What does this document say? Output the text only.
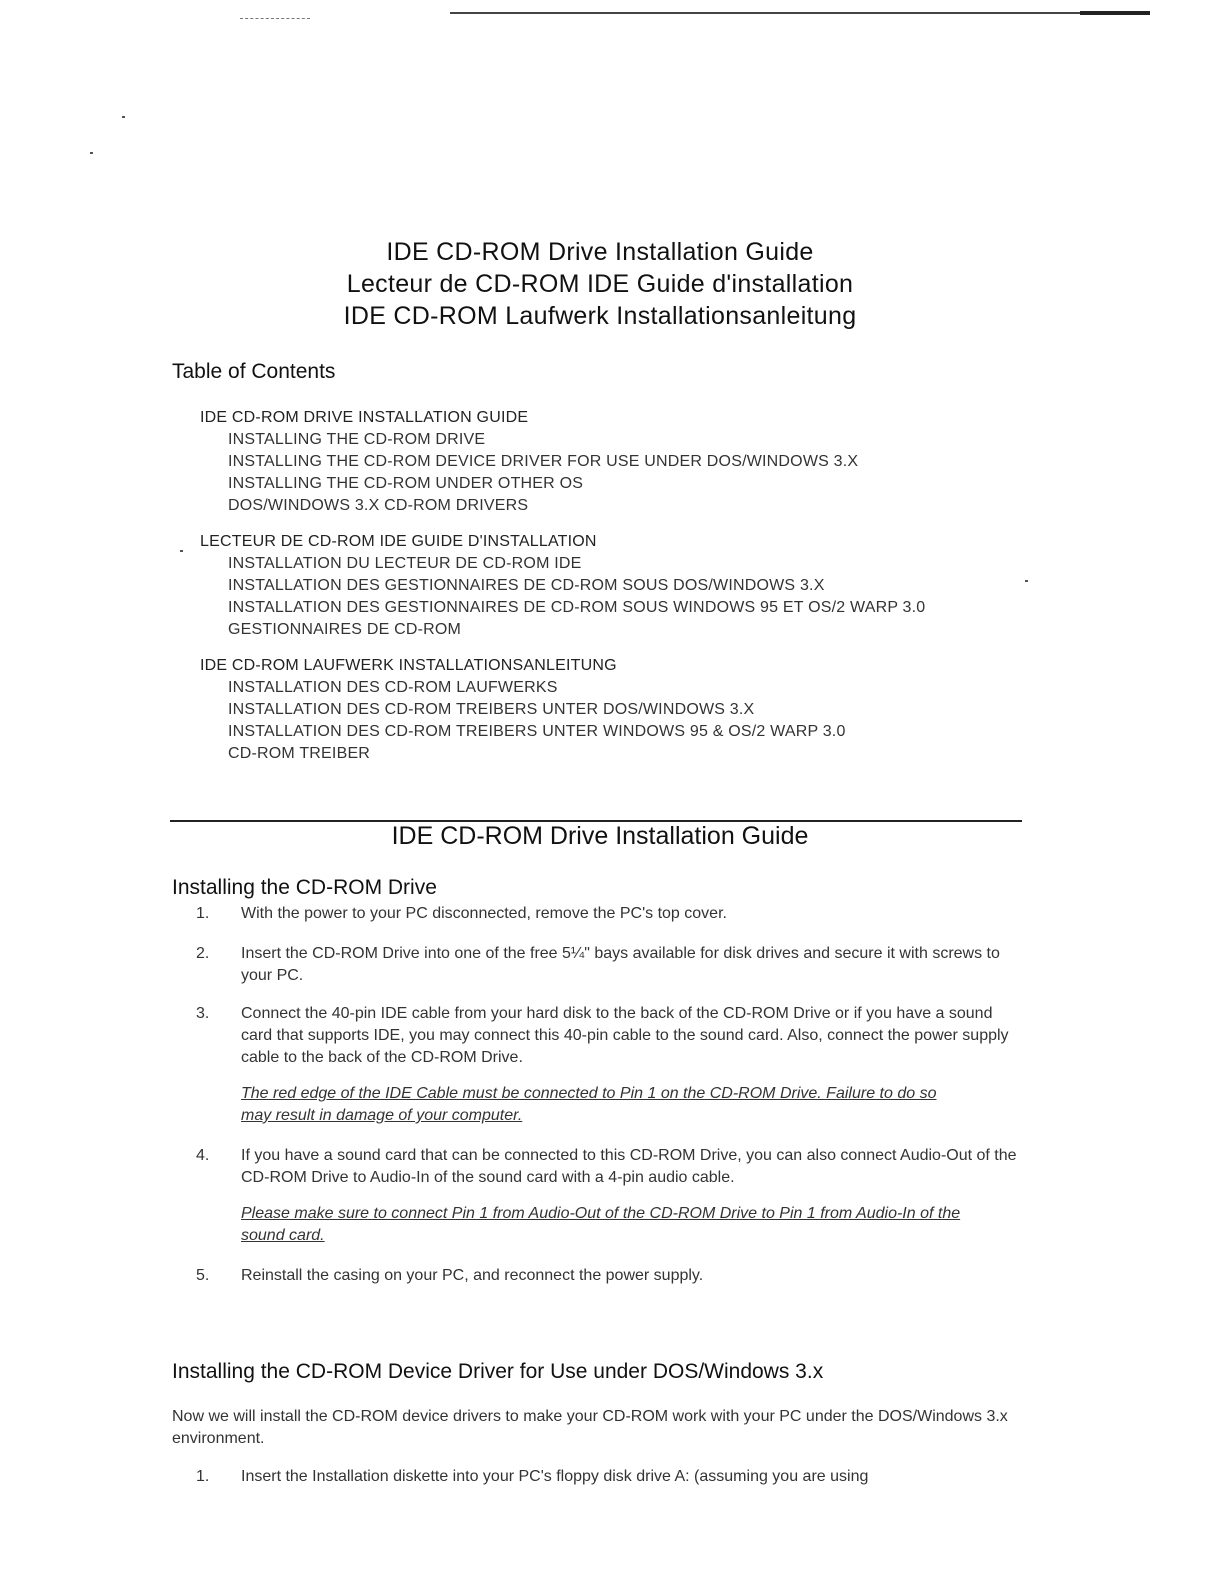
IDE CD-ROM Drive Installation Guide
Lecteur de CD-ROM IDE Guide d'installation
IDE CD-ROM Laufwerk Installationsanleitung
Table of Contents
IDE CD-ROM DRIVE INSTALLATION GUIDE
INSTALLING THE CD-ROM DRIVE
INSTALLING THE CD-ROM DEVICE DRIVER FOR USE UNDER DOS/WINDOWS 3.X
INSTALLING THE CD-ROM UNDER OTHER OS
DOS/WINDOWS 3.X CD-ROM DRIVERS
LECTEUR DE CD-ROM IDE GUIDE D'INSTALLATION
INSTALLATION DU LECTEUR DE CD-ROM IDE
INSTALLATION DES GESTIONNAIRES DE CD-ROM SOUS DOS/WINDOWS 3.X
INSTALLATION DES GESTIONNAIRES DE CD-ROM SOUS WINDOWS 95 ET OS/2 WARP 3.0
GESTIONNAIRES DE CD-ROM
IDE CD-ROM LAUFWERK INSTALLATIONSANLEITUNG
INSTALLATION DES CD-ROM LAUFWERKS
INSTALLATION DES CD-ROM TREIBERS UNTER DOS/WINDOWS 3.X
INSTALLATION DES CD-ROM TREIBERS UNTER WINDOWS 95 & OS/2 WARP 3.0
CD-ROM TREIBER
IDE CD-ROM Drive Installation Guide
Installing the CD-ROM Drive
1.	With the power to your PC disconnected, remove the PC's top cover.
2.	Insert the CD-ROM Drive into one of the free 5¼" bays available for disk drives and secure it with screws to your PC.
3.	Connect the 40-pin IDE cable from your hard disk to the back of the CD-ROM Drive or if you have a sound card that supports IDE, you may connect this 40-pin cable to the sound card. Also, connect the power supply cable to the back of the CD-ROM Drive.
The red edge of the IDE Cable must be connected to Pin 1 on the CD-ROM Drive. Failure to do so may result in damage of your computer.
4.	If you have a sound card that can be connected to this CD-ROM Drive, you can also connect Audio-Out of the CD-ROM Drive to Audio-In of the sound card with a 4-pin audio cable.
Please make sure to connect Pin 1 from Audio-Out of the CD-ROM Drive to Pin 1 from Audio-In of the sound card.
5.	Reinstall the casing on your PC, and reconnect the power supply.
Installing the CD-ROM Device Driver for Use under DOS/Windows 3.x
Now we will install the CD-ROM device drivers to make your CD-ROM work with your PC under the DOS/Windows 3.x environment.
1.	Insert the Installation diskette into your PC's floppy disk drive A: (assuming you are using
